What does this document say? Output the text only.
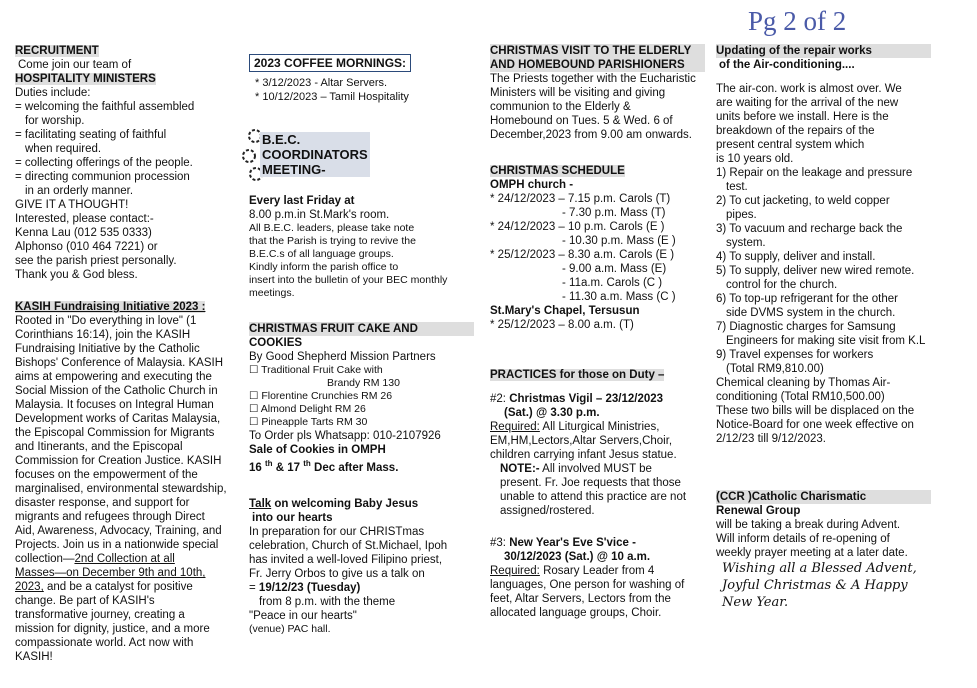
Pg 2 of 2

RECRUITMENT

Come join our team of

HOSPITALITY MINISTERS

Duties include:

= welcoming the faithful assembled

for worship.

= facilitating seating of faithful

when required.

= collecting offerings of the people.

= directing communion procession

in an orderly manner.

GIVE IT A THOUGHT!

Interested, please contact:-

Kenna Lau (012 535 0333)

Alphonso (010 464 7221) or

see the parish priest personally.

Thank you & God bless.

KASIH Fundraising Initiative 2023 :

Rooted in "Do everything in love" (1

Corinthians 16:14), join the KASIH

Fundraising Initiative by the Catholic

Bishops' Conference of Malaysia. KASIH

aims at empowering and executing the

Social Mission of the Catholic Church in

Malaysia. It focuses on Integral Human

Development works of Caritas Malaysia,

the Episcopal Commission for Migrants

and Itinerants, and the Episcopal

Commission for Creation Justice. KASIH

focuses on the empowerment of the

marginalised, environmental stewardship,

disaster response, and support for

migrants and refugees through Direct

Aid, Awareness, Advocacy, Training, and

Projects. Join us in a nationwide special

collection—2nd Collection at all

Masses—on December 9th and 10th,

2023, and be a catalyst for positive

change. Be part of KASIH's

transformative journey, creating a

mission for dignity, justice, and a more

compassionate world. Act now with

KASIH!

2023 COFFEE MORNINGS:

* 3/12/2023 - Altar Servers.

* 10/12/2023 – Tamil Hospitality

B.E.C.
COORDINATORS
MEETING-

Every last Friday at

8.00 p.m.in St.Mark's room.

All B.E.C. leaders, please take note

that the Parish is trying to revive the

B.E.C.s of all language groups.

Kindly inform the parish office to

insert into the bulletin of your BEC monthly

meetings.

CHRISTMAS FRUIT CAKE AND

COOKIES

By Good Shepherd Mission Partners

☐ Traditional Fruit Cake with

Brandy RM 130

☐ Florentine Crunchies RM 26

☐ Almond Delight RM 26

☐ Pineapple Tarts RM 30

To Order pls Whatsapp: 010-2107926

Sale of Cookies in OMPH

16 $^{th}$ & 17 $^{th}$ Dec after Mass.

Talk on welcoming Baby Jesus

into our hearts

In preparation for our CHRISTmas

celebration, Church of St.Michael, Ipoh

has invited a well-loved Filipino priest,

Fr. Jerry Orbos to give us a talk on

= 19/12/23 (Tuesday)

from 8 p.m. with the theme

"Peace in our hearts"

(venue) PAC hall.

CHRISTMAS VISIT TO THE ELDERLY

AND HOMEBOUND PARISHIONERS

The Priests together with the Eucharistic

Ministers will be visiting and giving

communion to the Elderly &

Homebound on Tues. 5 & Wed. 6 of

December,2023 from 9.00 am onwards.

CHRISTMAS SCHEDULE

OMPH church -

* 24/12/2023 – 7.15 p.m. Carols (T)

- 7.30 p.m. Mass (T)

* 24/12/2023 – 10 p.m. Carols (E )

- 10.30 p.m. Mass (E )

* 25/12/2023 – 8.30 a.m. Carols (E )

- 9.00 a.m. Mass (E)

- 11a.m. Carols (C )

- 11.30 a.m. Mass (C )

St.Mary's Chapel, Tersusun

* 25/12/2023 – 8.00 a.m. (T)

PRACTICES for those on Duty –

#2: Christmas Vigil – 23/12/2023

(Sat.) @ 3.30 p.m.

Required: All Liturgical Ministries,

EM,HM,Lectors,Altar Servers,Choir,

children carrying infant Jesus statue.

NOTE:- All involved MUST be

present. Fr. Joe requests that those

unable to attend this practice are not

assigned/rostered.

#3: New Year's Eve S'vice -

30/12/2023 (Sat.) @ 10 a.m.

Required: Rosary Leader from 4

languages, One person for washing of

feet, Altar Servers, Lectors from the

allocated language groups, Choir.

Updating of the repair works

of the Air-conditioning....

The air-con. work is almost over. We

are waiting for the arrival of the new

units before we install. Here is the

breakdown of the repairs of the

present central system which

is 10 years old.

1) Repair on the leakage and pressure

test.

2) To cut jacketing, to weld copper

pipes.

3) To vacuum and recharge back the

system.

4) To supply, deliver and install.

5) To supply, deliver new wired remote.

control for the church.

6) To top-up refrigerant for the other

side DVMS system in the church.

7) Diagnostic charges for Samsung

Engineers for making site visit from K.L

9) Travel expenses for workers

(Total RM9,810.00)

Chemical cleaning by Thomas Air-

conditioning (Total RM10,500.00)

These two bills will be displaced on the

Notice-Board for one week effective on

2/12/23 till 9/12/2023.

(CCR )Catholic Charismatic

Renewal Group

will be taking a break during Advent.

Will inform details of re-opening of

weekly prayer meeting at a later date.

Wishing all a Blessed Advent,

Joyful Christmas & A Happy

New Year.
